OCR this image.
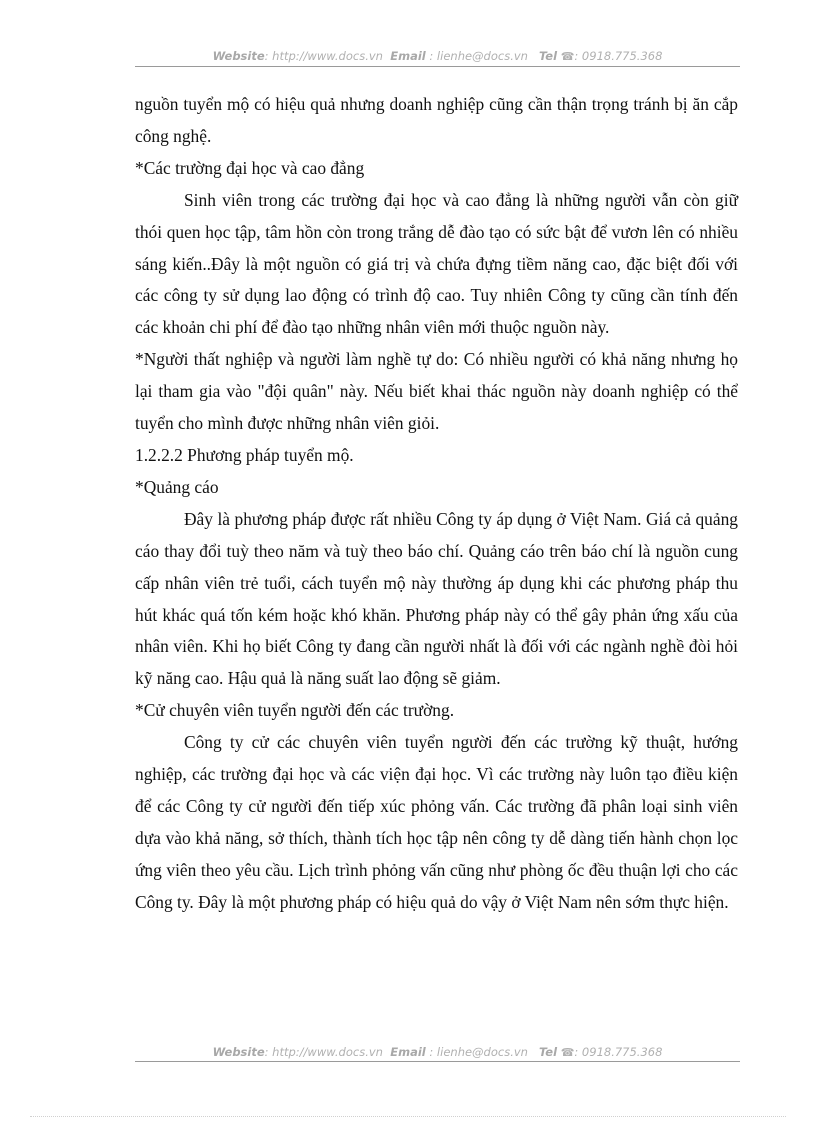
Website: http://www.docs.vn Email : lienhe@docs.vn Tel ☎: 0918.775.368

nguồn tuyển mộ có hiệu quả nhưng doanh nghiệp cũng cần thận trọng tránh bị ăn cắp công nghệ.

*Các trường đại học và cao đẳng

Sinh viên trong các trường đại học và cao đẳng là những người vẫn còn giữ thói quen học tập, tâm hồn còn trong trắng dễ đào tạo có sức bật để vươn lên có nhiều sáng kiến..Đây là một nguồn có giá trị và chứa đựng tiềm năng cao, đặc biệt đối với các công ty sử dụng lao động có trình độ cao. Tuy nhiên Công ty cũng cần tính đến các khoản chi phí để đào tạo những nhân viên mới thuộc nguồn này.

*Người thất nghiệp và người làm nghề tự do: Có nhiều người có khả năng nhưng họ lại tham gia vào "đội quân" này. Nếu biết khai thác nguồn này doanh nghiệp có thể tuyển cho mình được những nhân viên giỏi.

1.2.2.2 Phương pháp tuyển mộ.

*Quảng cáo

Đây là phương pháp được rất nhiều Công ty áp dụng ở Việt Nam. Giá cả quảng cáo thay đổi tuỳ theo năm và tuỳ theo báo chí. Quảng cáo trên báo chí là nguồn cung cấp nhân viên trẻ tuổi, cách tuyển mộ này thường áp dụng khi các phương pháp thu hút khác quá tốn kém hoặc khó khăn. Phương pháp này có thể gây phản ứng xấu của nhân viên. Khi họ biết Công ty đang cần người nhất là đối với các ngành nghề đòi hỏi kỹ năng cao. Hậu quả là năng suất lao động sẽ giảm.

*Cử chuyên viên tuyển người đến các trường.

Công ty cử các chuyên viên tuyển người đến các trường kỹ thuật, hướng nghiệp, các trường đại học và các viện đại học. Vì các trường này luôn tạo điều kiện để các Công ty cử người đến tiếp xúc phỏng vấn. Các trường đã phân loại sinh viên dựa vào khả năng, sở thích, thành tích học tập nên công ty dễ dàng tiến hành chọn lọc ứng viên theo yêu cầu. Lịch trình phỏng vấn cũng như phòng ốc đều thuận lợi cho các Công ty. Đây là một phương pháp có hiệu quả do vậy ở Việt Nam nên sớm thực hiện.

Website: http://www.docs.vn Email : lienhe@docs.vn Tel ☎: 0918.775.368
